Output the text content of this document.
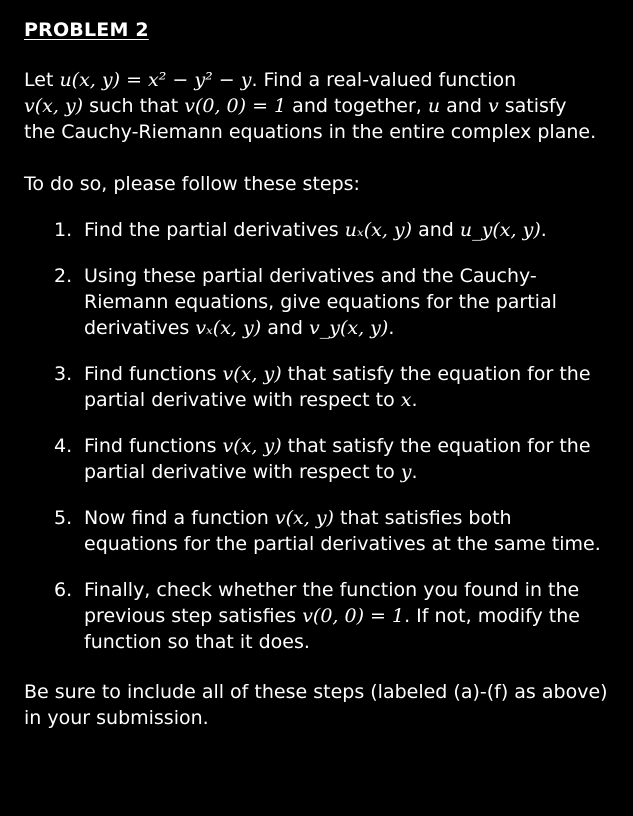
PROBLEM 2
Let u(x, y) = x² − y² − y. Find a real-valued function
v(x, y) such that v(0, 0) = 1 and together, u and v satisfy
the Cauchy-Riemann equations in the entire complex plane.
To do so, please follow these steps:
1. Find the partial derivatives uₓ(x, y) and u_y(x, y).
2. Using these partial derivatives and the Cauchy-
Riemann equations, give equations for the partial
derivatives vₓ(x, y) and v_y(x, y).
3. Find functions v(x, y) that satisfy the equation for the
partial derivative with respect to x.
4. Find functions v(x, y) that satisfy the equation for the
partial derivative with respect to y.
5. Now find a function v(x, y) that satisfies both
equations for the partial derivatives at the same time.
6. Finally, check whether the function you found in the
previous step satisfies v(0, 0) = 1. If not, modify the
function so that it does.
Be sure to include all of these steps (labeled (a)-(f) as above)
in your submission.
